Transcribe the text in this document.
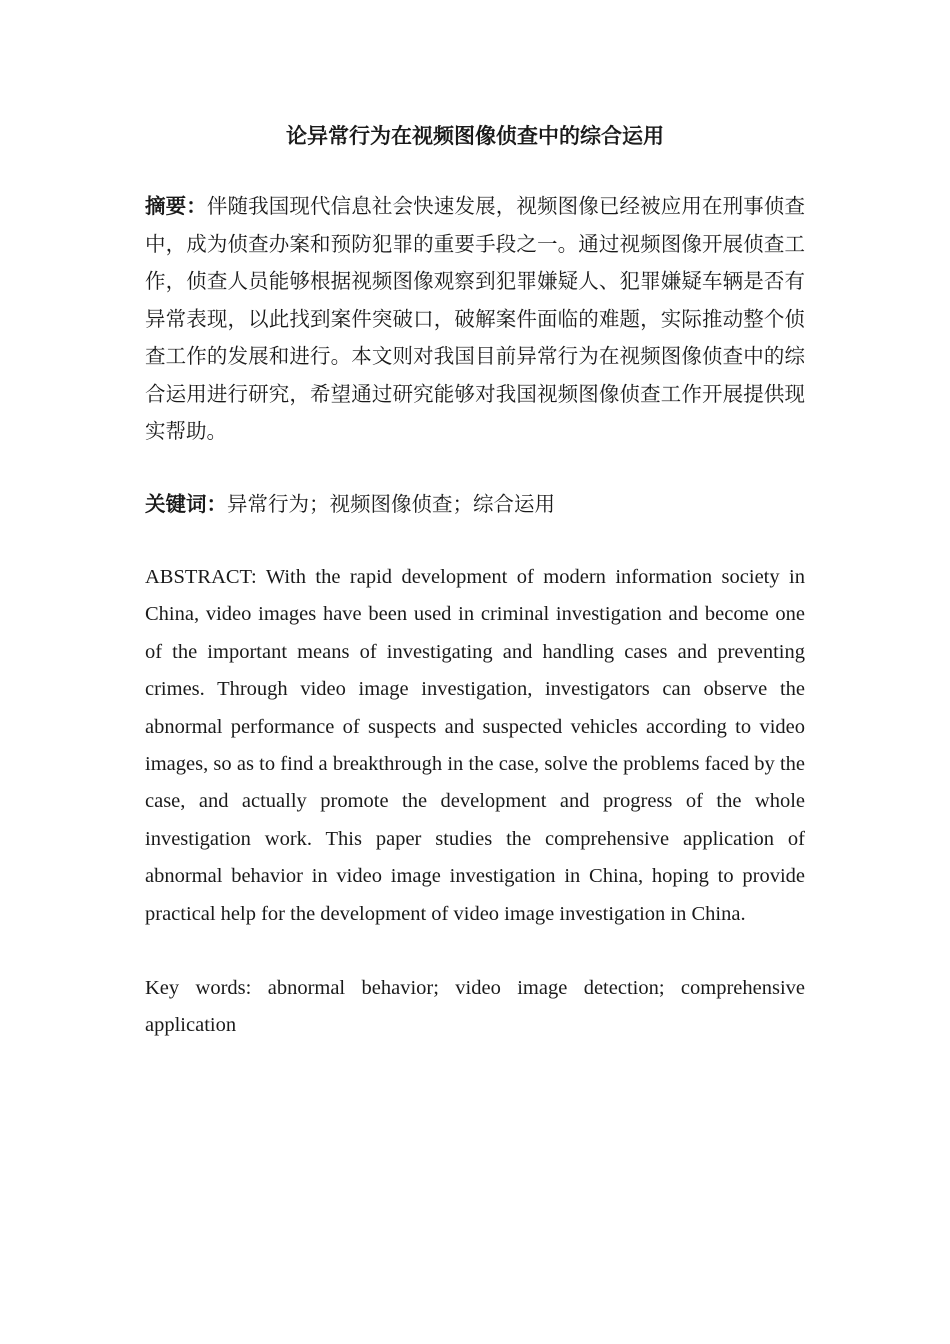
论异常行为在视频图像侦查中的综合运用

摘要：伴随我国现代信息社会快速发展，视频图像已经被应用在刑事侦查中，成为侦查办案和预防犯罪的重要手段之一。通过视频图像开展侦查工作，侦查人员能够根据视频图像观察到犯罪嫌疑人、犯罪嫌疑车辆是否有异常表现，以此找到案件突破口，破解案件面临的难题，实际推动整个侦查工作的发展和进行。本文则对我国目前异常行为在视频图像侦查中的综合运用进行研究，希望通过研究能够对我国视频图像侦查工作开展提供现实帮助。

关键词：异常行为；视频图像侦查；综合运用

ABSTRACT: With the rapid development of modern information society in China, video images have been used in criminal investigation and become one of the important means of investigating and handling cases and preventing crimes. Through video image investigation, investigators can observe the abnormal performance of suspects and suspected vehicles according to video images, so as to find a breakthrough in the case, solve the problems faced by the case, and actually promote the development and progress of the whole investigation work. This paper studies the comprehensive application of abnormal behavior in video image investigation in China, hoping to provide practical help for the development of video image investigation in China.

Key words: abnormal behavior; video image detection; comprehensive application
